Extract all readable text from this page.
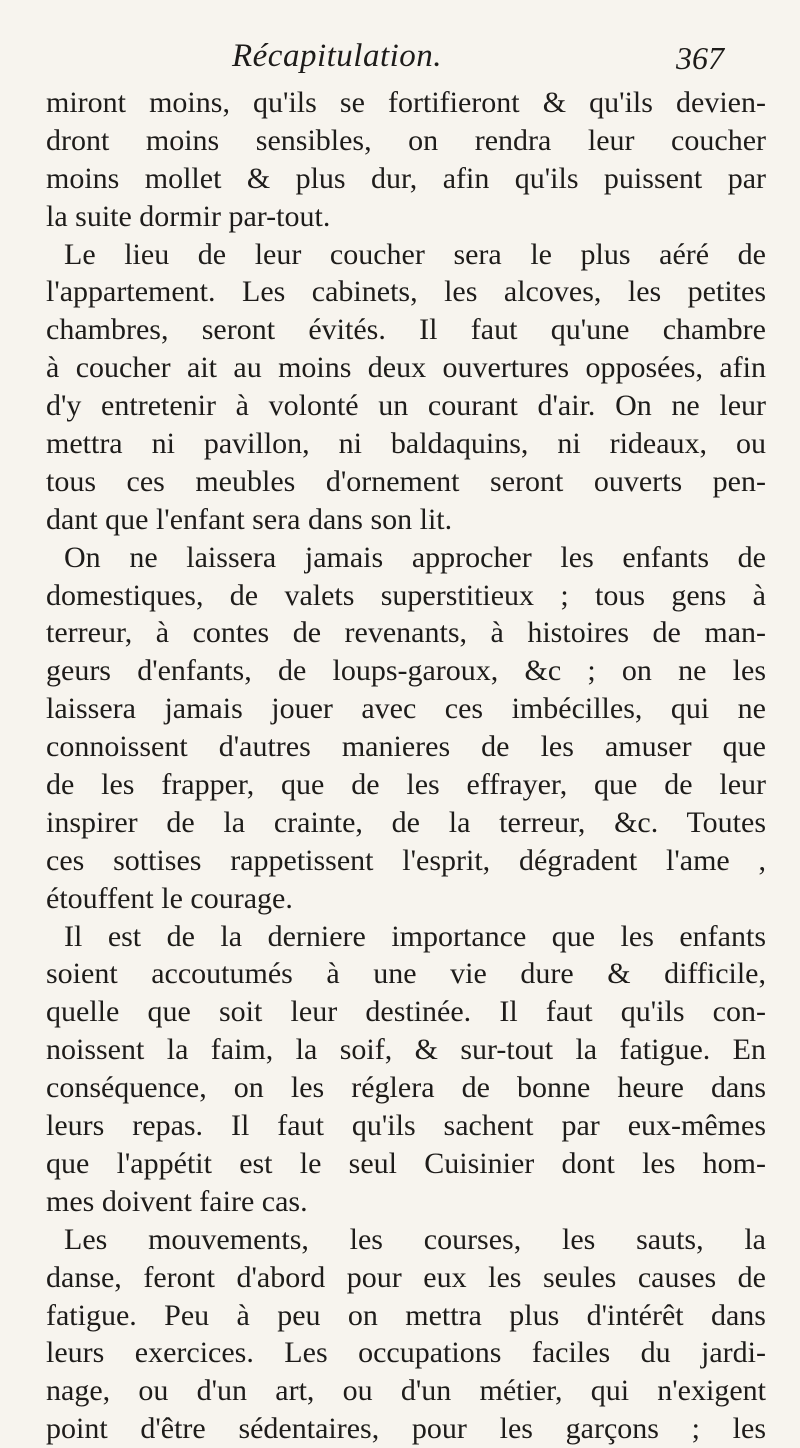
Récapitulation.	367
miront moins, qu'ils se fortifieront & qu'ils devien-
dront moins sensibles, on rendra leur coucher
moins mollet & plus dur, afin qu'ils puissent par
la suite dormir par-tout.
Le lieu de leur coucher sera le plus aéré de
l'appartement. Les cabinets, les alcoves, les petites
chambres, seront évités. Il faut qu'une chambre
à coucher ait au moins deux ouvertures opposées, afin
d'y entretenir à volonté un courant d'air. On ne leur
mettra ni pavillon, ni baldaquins, ni rideaux, ou
tous ces meubles d'ornement seront ouverts pen-
dant que l'enfant sera dans son lit.
On ne laissera jamais approcher les enfants de
domestiques, de valets superstitieux ; tous gens à
terreur, à contes de revenants, à histoires de man-
geurs d'enfants, de loups-garoux, &c ; on ne les
laissera jamais jouer avec ces imbécilles, qui ne
connoissent d'autres manieres de les amuser que
de les frapper, que de les effrayer, que de leur
inspirer de la crainte, de la terreur, &c. Toutes
ces sottises rappetissent l'esprit, dégradent l'ame ,
étouffent le courage.
Il est de la derniere importance que les enfants
soient accoutumés à une vie dure & difficile,
quelle que soit leur destinée. Il faut qu'ils con-
noissent la faim, la soif, & sur-tout la fatigue. En
conséquence, on les réglera de bonne heure dans
leurs repas. Il faut qu'ils sachent par eux-mêmes
que l'appétit est le seul Cuisinier dont les hom-
mes doivent faire cas.
Les mouvements, les courses, les sauts, la
danse, feront d'abord pour eux les seules causes de
fatigue. Peu à peu on mettra plus d'intérêt dans
leurs exercices. Les occupations faciles du jardi-
nage, ou d'un art, ou d'un métier, qui n'exigent
point d'être sédentaires, pour les garçons ; les
